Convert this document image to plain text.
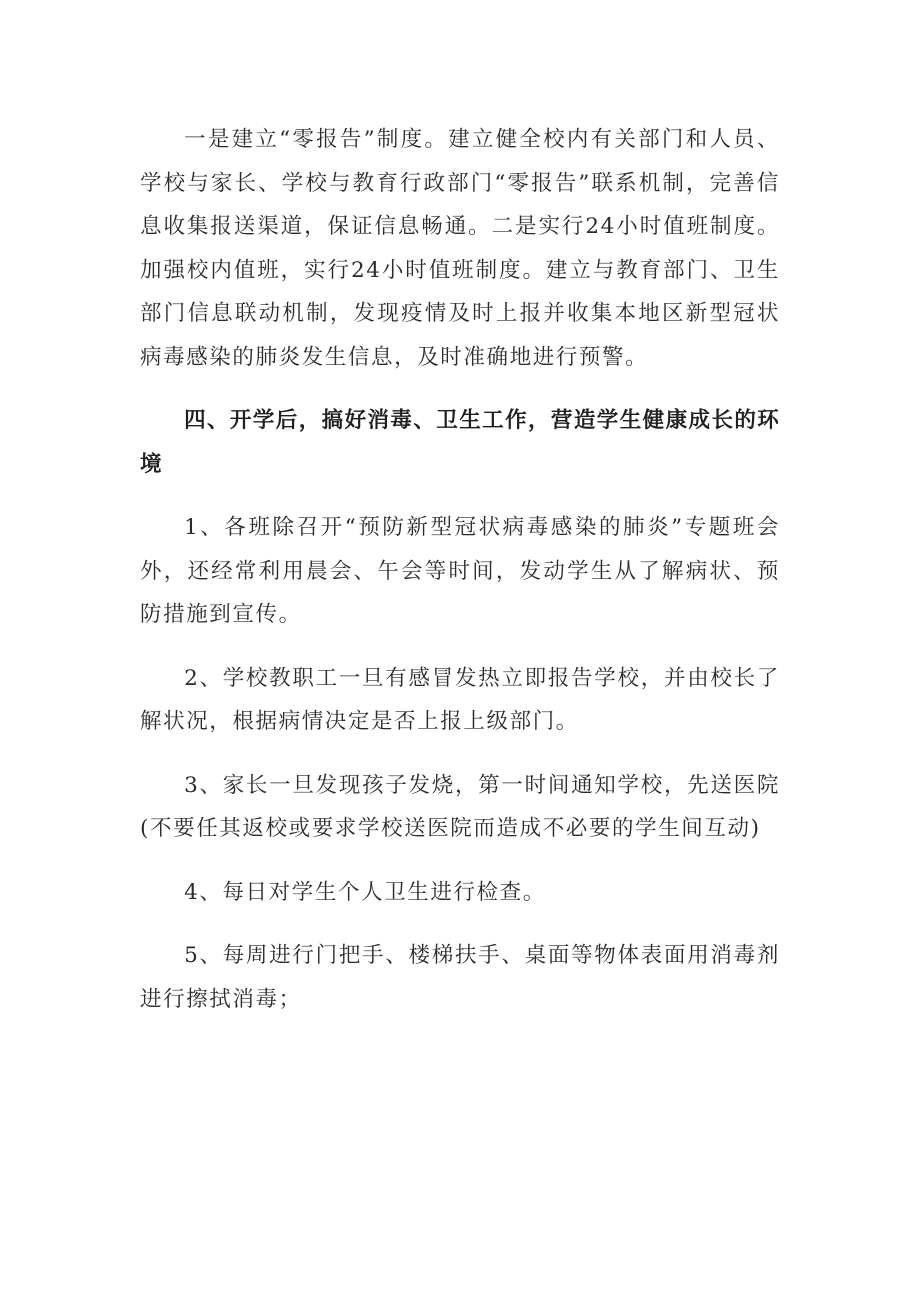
一是建立“零报告”制度。建立健全校内有关部门和人员、学校与家长、学校与教育行政部门“零报告”联系机制，完善信息收集报送渠道，保证信息畅通。二是实行24小时值班制度。加强校内值班，实行24小时值班制度。建立与教育部门、卫生部门信息联动机制，发现疫情及时上报并收集本地区新型冠状病毒感染的肺炎发生信息，及时准确地进行预警。

四、开学后，搞好消毒、卫生工作，营造学生健康成长的环境

1、各班除召开“预防新型冠状病毒感染的肺炎”专题班会外，还经常利用晨会、午会等时间，发动学生从了解病状、预防措施到宣传。

2、学校教职工一旦有感冒发热立即报告学校，并由校长了解状况，根据病情决定是否上报上级部门。

3、家长一旦发现孩子发烧，第一时间通知学校，先送医院(不要任其返校或要求学校送医院而造成不必要的学生间互动)

4、每日对学生个人卫生进行检查。

5、每周进行门把手、楼梯扶手、桌面等物体表面用消毒剂进行擦拭消毒；
